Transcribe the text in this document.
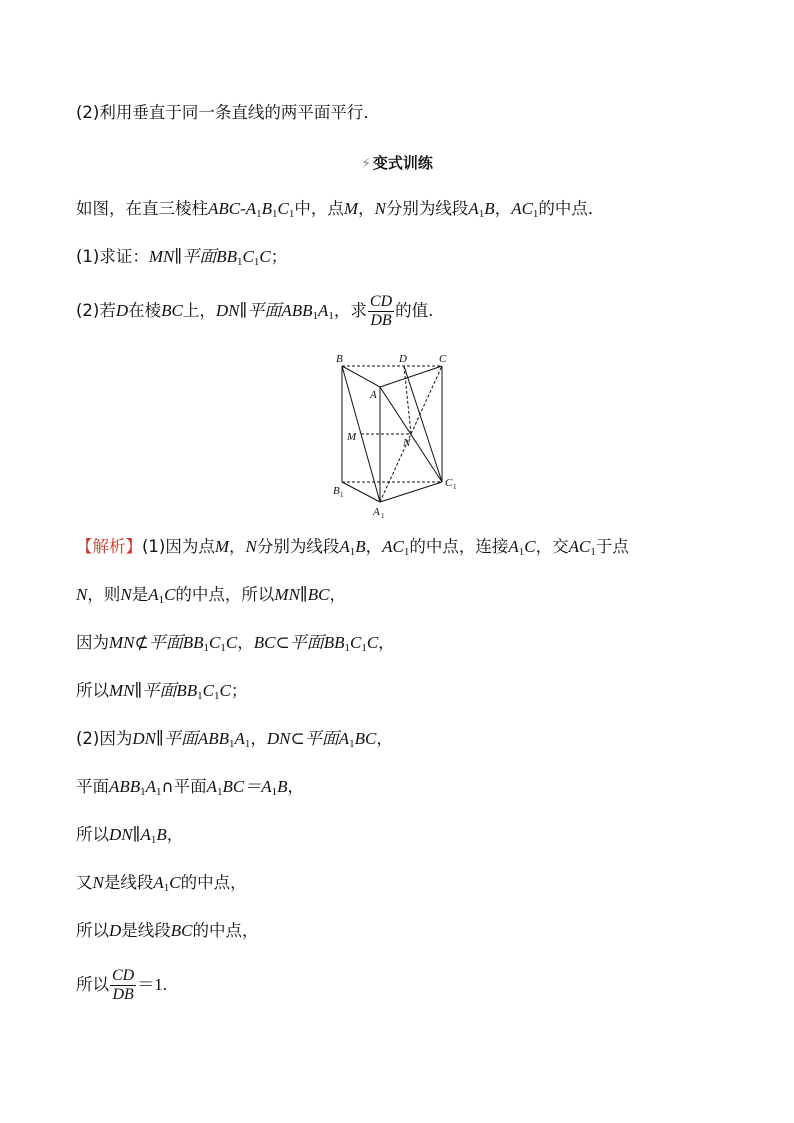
(2)利用垂直于同一条直线的两平面平行．
⚡ 变式训练
如图，在直三棱柱ABC-$A_1B_1C_1$中，点M，N分别为线段$A_1B$，$AC_1$的中点．
(1)求证：MN∥平面$BB_1C_1C$；
(2)若D在棱BC上，DN∥平面$ABB_1A_1$，求 $\frac{CD}{DB}$ 的值.
B	D	C
A
M	N
B 1
C 1
A 1
【解析】(1)因为点M，N分别为线段$A_1B$，$AC_1$的中点，连接$A_1C$，交$AC_1$于点
N，则N是$A_1C$的中点，所以MN∥BC，
因为MN⊄平面$BB_1C_1C$，BC⊂平面$BB_1C_1C$，
所以MN∥平面$BB_1C_1C$；
(2)因为DN∥平面$ABB_1A_1$，DN⊂平面$A_1BC$，
平面$ABB_1A_1\cap$平面$A_1BC=A_1B$，
所以$DN\parallel A_1B$，
又N是线段$A_1C$的中点，
所以D是线段BC的中点，
所以 $\frac{CD}{DB} =1$.
